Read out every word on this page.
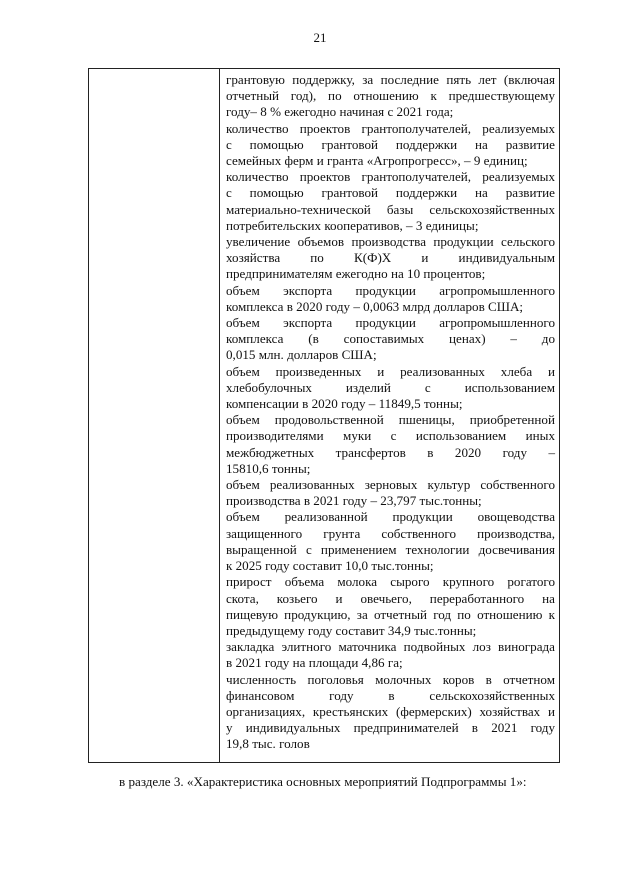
21
грантовую поддержку, за последние пять лет (включая
отчетный год), по отношению к предшествующему
году– 8 % ежегодно начиная с 2021 года;
количество проектов грантополучателей, реализуемых
с помощью грантовой поддержки на развитие
семейных ферм и гранта «Агропрогресс», – 9 единиц;
количество проектов грантополучателей, реализуемых
с помощью грантовой поддержки на развитие
материально-технической базы сельскохозяйственных
потребительских кооперативов, – 3 единицы;
увеличение объемов производства продукции сельского
хозяйства по К(Ф)Х и индивидуальным
предпринимателям ежегодно на 10 процентов;
объем экспорта продукции агропромышленного
комплекса в 2020 году – 0,0063 млрд долларов США;
объем экспорта продукции агропромышленного
комплекса (в сопоставимых ценах) – до
0,015 млн. долларов США;
объем произведенных и реализованных хлеба и
хлебобулочных изделий с использованием
компенсации в 2020 году – 11849,5 тонны;
объем продовольственной пшеницы, приобретенной
производителями муки с использованием иных
межбюджетных трансфертов в 2020 году –
15810,6 тонны;
объем реализованных зерновых культур собственного
производства в 2021 году – 23,797 тыс.тонны;
объем реализованной продукции овощеводства
защищенного грунта собственного производства,
выращенной с применением технологии досвечивания
к 2025 году составит 10,0 тыс.тонны;
прирост объема молока сырого крупного рогатого
скота, козьего и овечьего, переработанного на
пищевую продукцию, за отчетный год по отношению к
предыдущему году составит 34,9 тыс.тонны;
закладка элитного маточника подвойных лоз винограда
в 2021 году на площади 4,86 га;
численность поголовья молочных коров в отчетном
финансовом году в сельскохозяйственных
организациях, крестьянских (фермерских) хозяйствах и
у индивидуальных предпринимателей в 2021 году
19,8 тыс. голов
в разделе 3. «Характеристика основных мероприятий Подпрограммы 1»:
